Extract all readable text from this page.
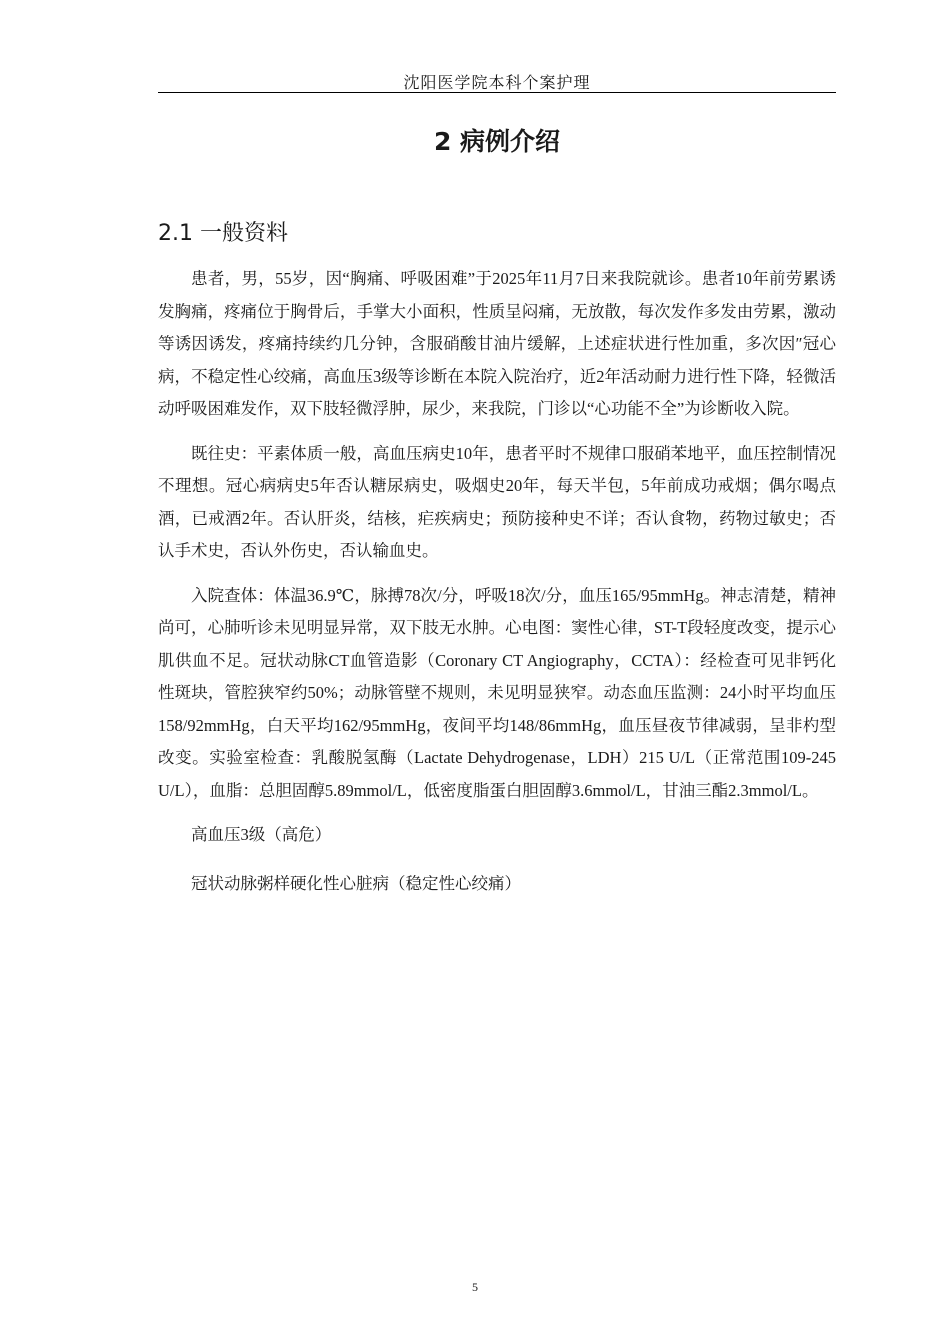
沈阳医学院本科个案护理
2 病例介绍
2.1 一般资料

患者，男，55岁，因“胸痛、呼吸困难”于2025年11月7日来我院就诊。患者10年前劳累诱发胸痛，疼痛位于胸骨后，手掌大小面积，性质呈闷痛，无放散，每次发作多发由劳累，激动等诱因诱发，疼痛持续约几分钟，含服硝酸甘油片缓解，上述症状进行性加重，多次因″冠心病，不稳定性心绞痛，高血压3级等诊断在本院入院治疗，近2年活动耐力进行性下降，轻微活动呼吸困难发作，双下肢轻微浮肿，尿少，来我院，门诊以“心功能不全”为诊断收入院。

既往史：平素体质一般，高血压病史10年，患者平时不规律口服硝苯地平，血压控制情况不理想。冠心病病史5年否认糖尿病史，吸烟史20年，每天半包，5年前成功戒烟；偶尔喝点酒，已戒酒2年。否认肝炎，结核，疟疾病史；预防接种史不详；否认食物，药物过敏史；否认手术史，否认外伤史，否认输血史。

入院查体：体温36.9℃，脉搏78次/分，呼吸18次/分，血压165/95mmHg。神志清楚，精神尚可，心肺听诊未见明显异常，双下肢无水肿。心电图：窦性心律，ST-T段轻度改变，提示心肌供血不足。冠状动脉CT血管造影（Coronary CT Angiography，CCTA）：经检查可见非钙化性斑块，管腔狭窄约50%；动脉管壁不规则，未见明显狭窄。动态血压监测：24小时平均血压158/92mmHg，白天平均162/95mmHg，夜间平均148/86mmHg，血压昼夜节律减弱，呈非杓型改变。实验室检查：乳酸脱氢酶（Lactate Dehydrogenase，LDH）215 U/L（正常范围109-245 U/L），血脂：总胆固醇5.89mmol/L，低密度脂蛋白胆固醇3.6mmol/L，甘油三酯2.3mmol/L。

高血压3级（高危）

冠状动脉粥样硬化性心脏病（稳定性心绞痛）

5
